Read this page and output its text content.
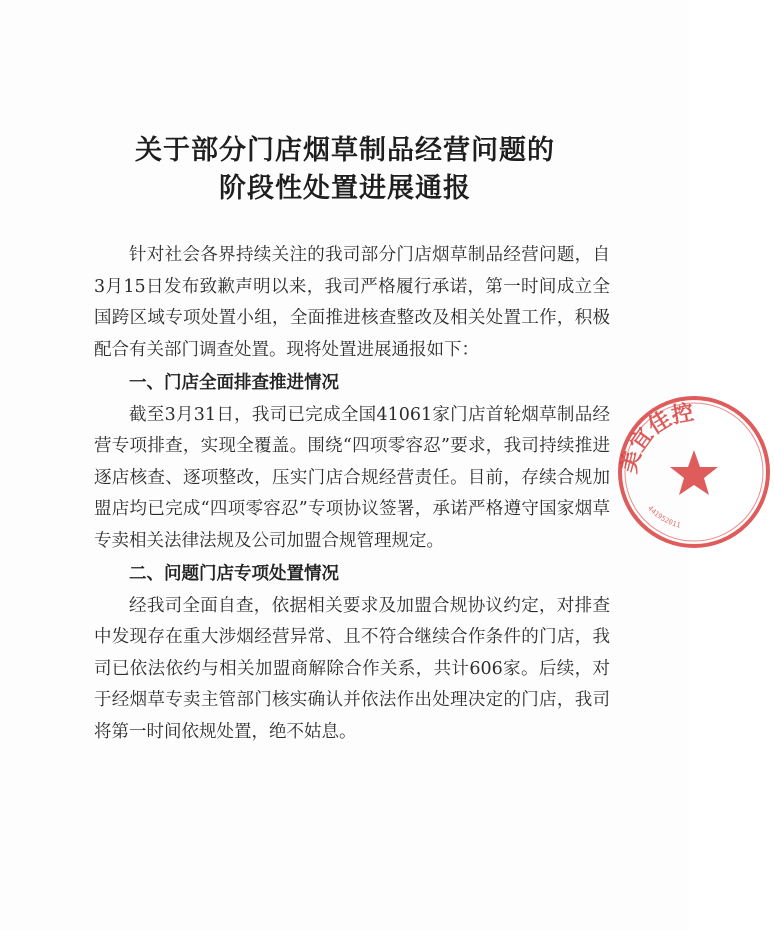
关于部分门店烟草制品经营问题的
阶段性处置进展通报

针对社会各界持续关注的我司部分门店烟草制品经营问题，自3月15日发布致歉声明以来，我司严格履行承诺，第一时间成立全国跨区域专项处置小组，全面推进核查整改及相关处置工作，积极配合有关部门调查处置。现将处置进展通报如下：

一、门店全面排查推进情况

截至3月31日，我司已完成全国41061家门店首轮烟草制品经营专项排查，实现全覆盖。围绕“四项零容忍”要求，我司持续推进逐店核查、逐项整改，压实门店合规经营责任。目前，存续合规加盟店均已完成“四项零容忍”专项协议签署，承诺严格遵守国家烟草专卖相关法律法规及公司加盟合规管理规定。

二、问题门店专项处置情况

经我司全面自查，依据相关要求及加盟合规协议约定，对排查中发现存在重大涉烟经营异常、且不符合继续合作条件的门店，我司已依法依约与相关加盟商解除合作关系，共计606家。后续，对于经烟草专卖主管部门核实确认并依法作出处理决定的门店，我司将第一时间依规处置，绝不姑息。

美宜佳控
441952011
